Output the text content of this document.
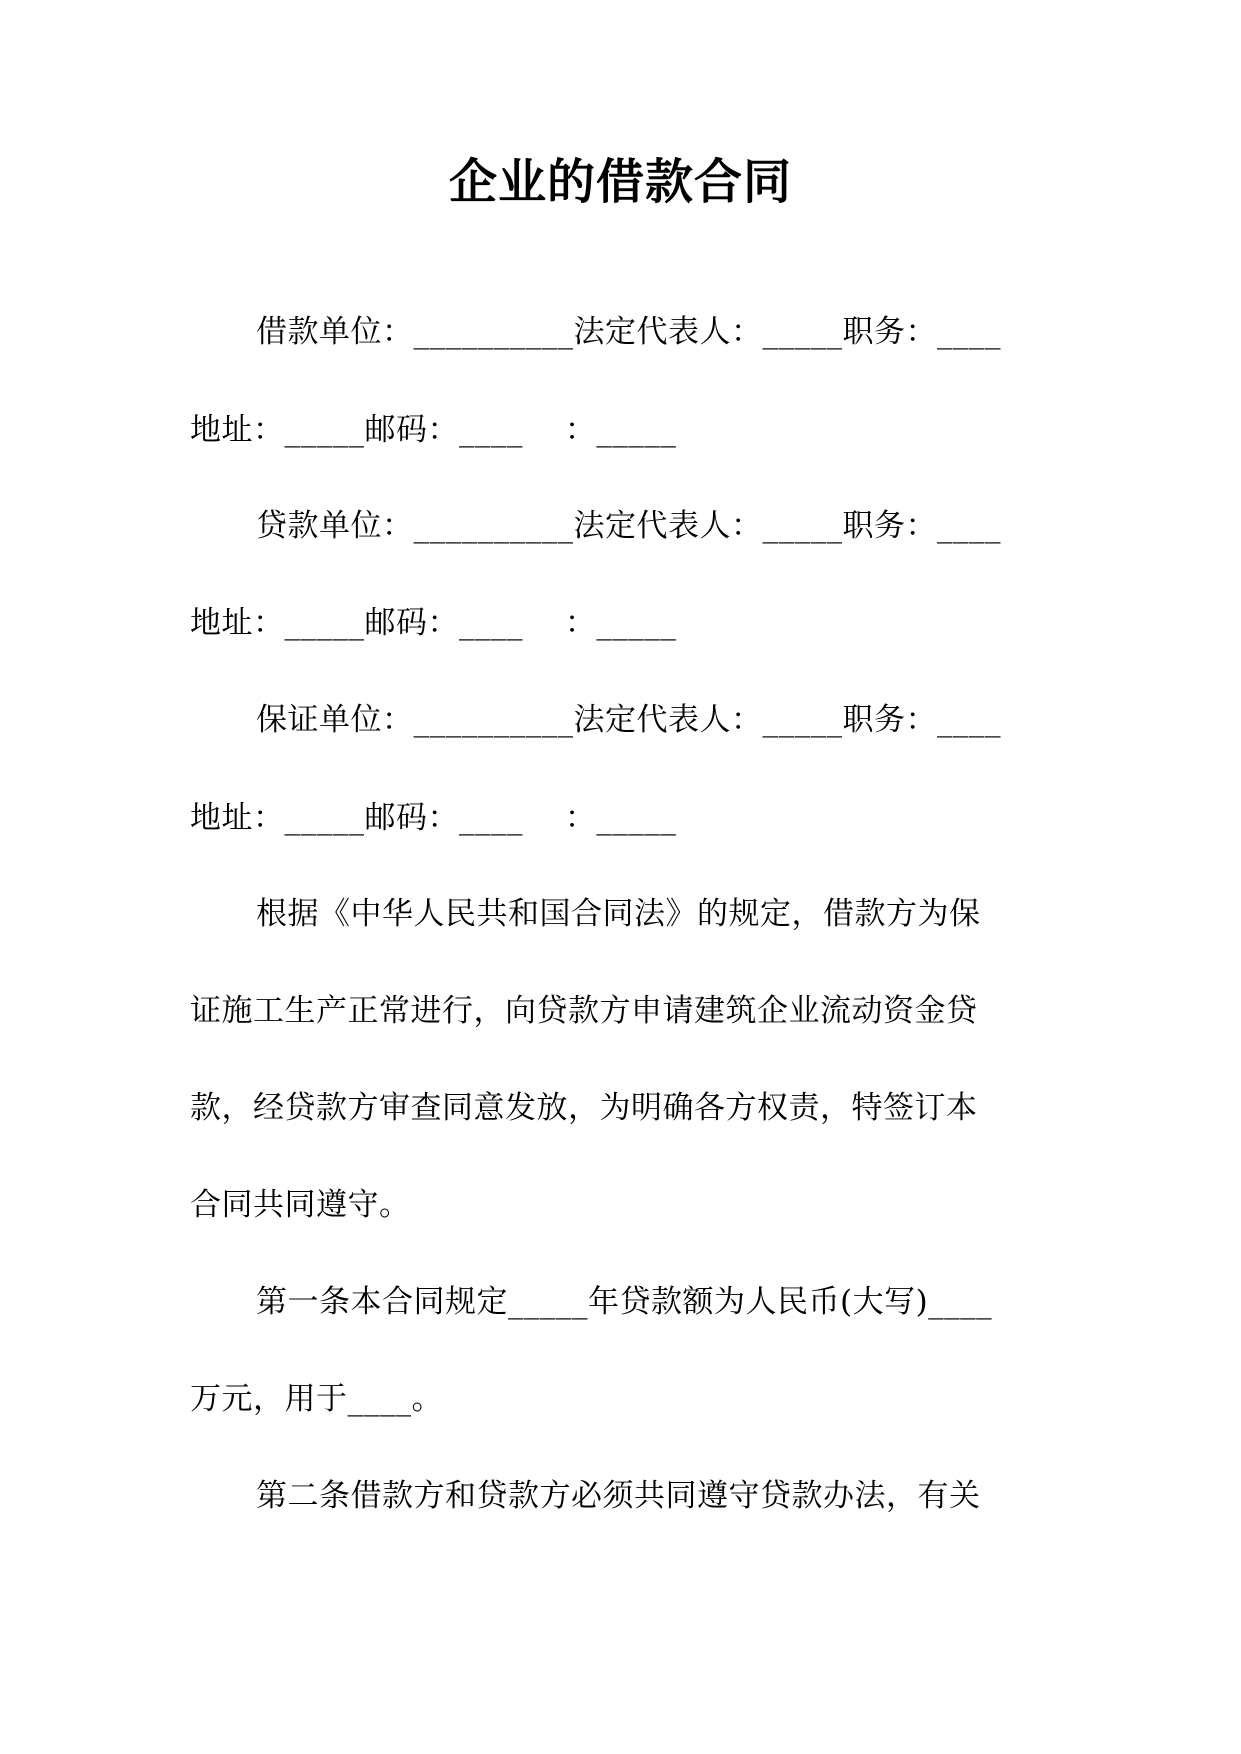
企业的借款合同
借款单位：__________法定代表人：_____职务：____
地址：_____邮码：____　 ：_____
贷款单位：__________法定代表人：_____职务：____
地址：_____邮码：____　 ：_____
保证单位：__________法定代表人：_____职务：____
地址：_____邮码：____　 ：_____
根据《中华人民共和国合同法》的规定，借款方为保
证施工生产正常进行，向贷款方申请建筑企业流动资金贷
款，经贷款方审查同意发放，为明确各方权责，特签订本
合同共同遵守。
第一条本合同规定_____年贷款额为人民币(大写)____
万元，用于____。
第二条借款方和贷款方必须共同遵守贷款办法，有关
